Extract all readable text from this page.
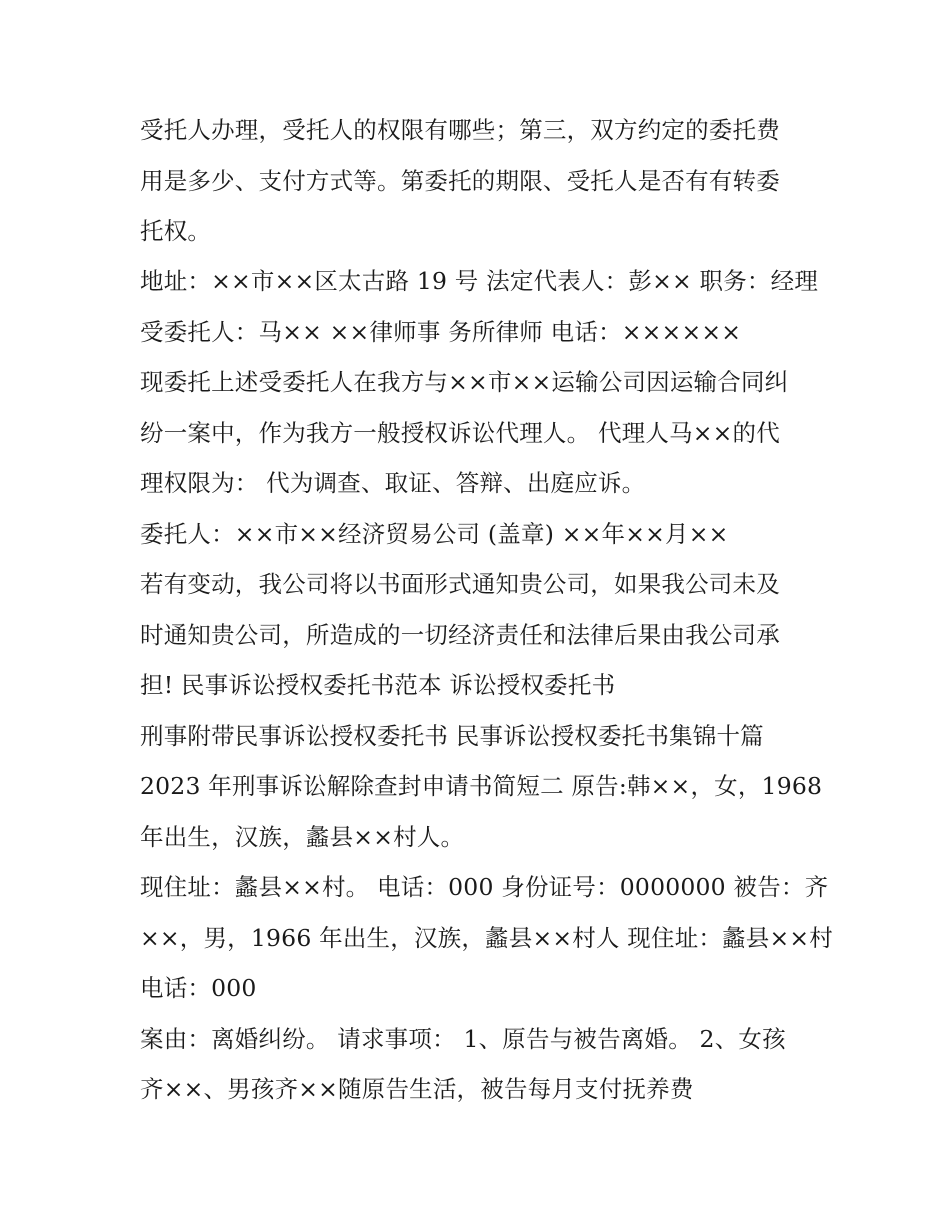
受托人办理，受托人的权限有哪些；第三，双方约定的委托费
用是多少、支付方式等。第委托的期限、受托人是否有有转委
托权。
地址：××市××区太古路 19 号 法定代表人：彭×× 职务：经理
受委托人：马×× ××律师事 务所律师 电话：××××××
现委托上述受委托人在我方与××市××运输公司因运输合同纠
纷一案中，作为我方一般授权诉讼代理人。 代理人马××的代
理权限为： 代为调查、取证、答辩、出庭应诉。
委托人：××市××经济贸易公司 (盖章) ××年××月××
若有变动，我公司将以书面形式通知贵公司，如果我公司未及
时通知贵公司，所造成的一切经济责任和法律后果由我公司承
担! 民事诉讼授权委托书范本 诉讼授权委托书
刑事附带民事诉讼授权委托书 民事诉讼授权委托书集锦十篇
2023 年刑事诉讼解除查封申请书简短二 原告:韩××，女，1968
年出生，汉族，蠡县××村人。
现住址：蠡县××村。 电话：000 身份证号：0000000 被告：齐
××，男，1966 年出生，汉族，蠡县××村人 现住址：蠡县××村
电话：000
案由：离婚纠纷。 请求事项： 1、原告与被告离婚。 2、女孩
齐××、男孩齐××随原告生活，被告每月支付抚养费
